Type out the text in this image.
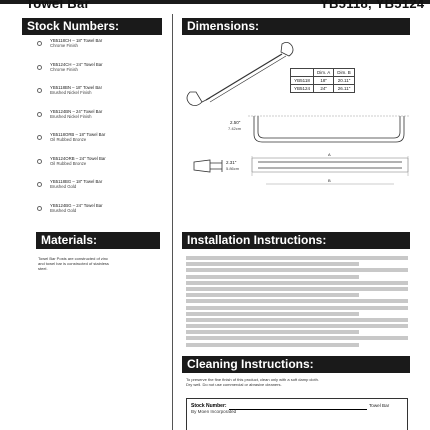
Towel Bar	YB5118, YB5124
Stock Numbers:
YB5118CH – 18" Towel Bar
Chrome Finish
YB5124CH – 24" Towel Bar
Chrome Finish
YB5118BN – 18" Towel Bar
Brushed Nickel Finish
YB5124BN – 24" Towel Bar
Brushed Nickel Finish
YB5118ORB – 18" Towel Bar
Oil Rubbed Bronze
YB5124ORB – 24" Towel Bar
Oil Rubbed Bronze
YB5118BG – 18" Towel Bar
Brushed Gold
YB5124BG – 24" Towel Bar
Brushed Gold
Materials:
Towel Bar Posts are constructed of zinc
and towel bar is constructed of stainless
steel.
Dimensions:
2.50"
7.42cm
2.31"
5.86cm
A
B
	Dim. A	Dim. B
YB5118	18"	20.11"
YB5124	24"	26.11"
Installation Instructions:
Cleaning Instructions:
To preserve the fine finish of this product, clean only with a soft damp cloth.
Dry well. Do not use commercial or abrasive cleaners.
Stock Number:	Towel Bar
By Moen Incorporated
